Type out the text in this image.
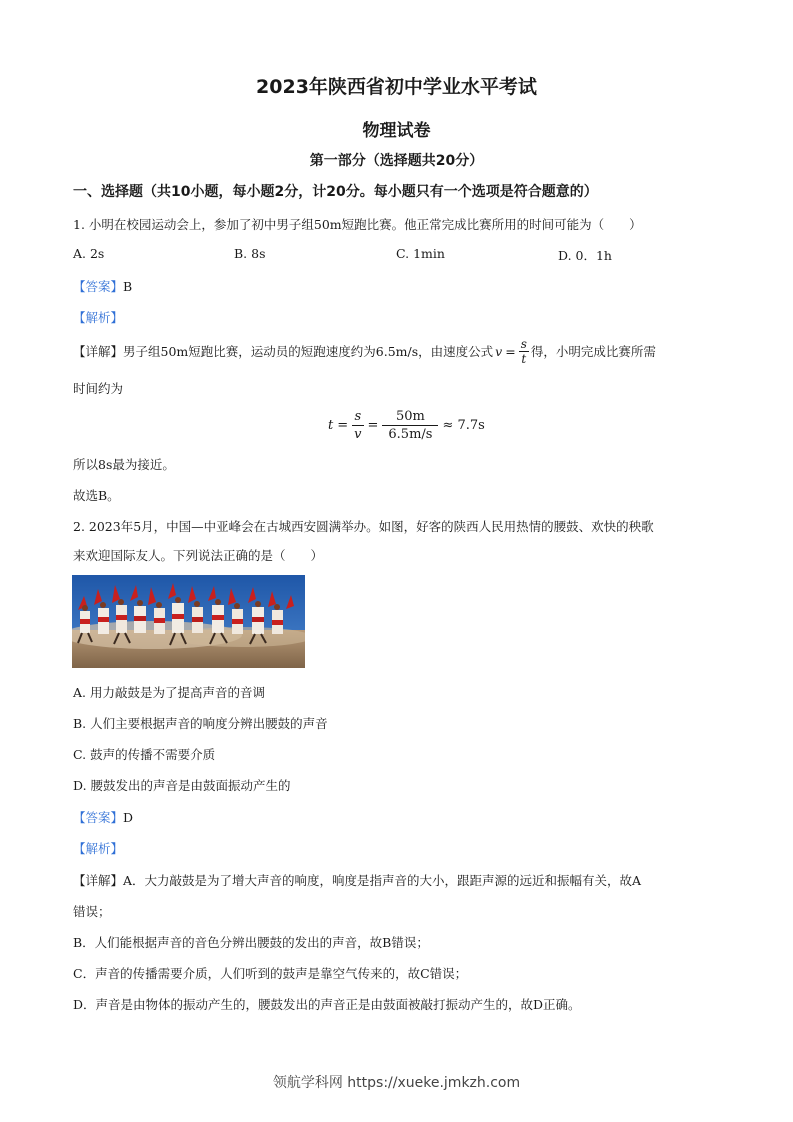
2023年陕西省初中学业水平考试
物理试卷
第一部分（选择题共20分）
一、选择题（共10小题，每小题2分，计20分。每小题只有一个选项是符合题意的）
1. 小明在校园运动会上，参加了初中男子组50m短跑比赛。他正常完成比赛所用的时间可能为（　　）
A. 2s	B. 8s	C. 1min	D. 0．1h
【答案】B
【解析】
【详解】 男子组50m短跑比赛，运动员的短跑速度约为6.5m/s，由速度公式 $v = \frac{s}{t}$ 得，小明完成比赛所需
时间约为
$t = \frac{s}{v} = \frac{50m}{6.5m/s} \approx 7.7s$
所以8s最为接近。
故选B。
2. 2023年5月，中国—中亚峰会在古城西安圆满举办。如图，好客的陕西人民用热情的腰鼓、欢快的秧歌
来欢迎国际友人。下列说法正确的是（　　）
A. 用力敲鼓是为了提高声音的音调
B. 人们主要根据声音的响度分辨出腰鼓的声音
C. 鼓声的传播不需要介质
D. 腰鼓发出的声音是由鼓面振动产生的
【答案】D
【解析】
【详解】A．大力敲鼓是为了增大声音的响度，响度是指声音的大小，跟距声源的远近和振幅有关，故A
错误；
B．人们能根据声音的音色分辨出腰鼓的发出的声音，故B错误；
C．声音的传播需要介质，人们听到的鼓声是靠空气传来的，故C错误；
D．声音是由物体的振动产生的，腰鼓发出的声音正是由鼓面被敲打振动产生的，故D正确。
领航学科网 https://xueke.jmkzh.com
